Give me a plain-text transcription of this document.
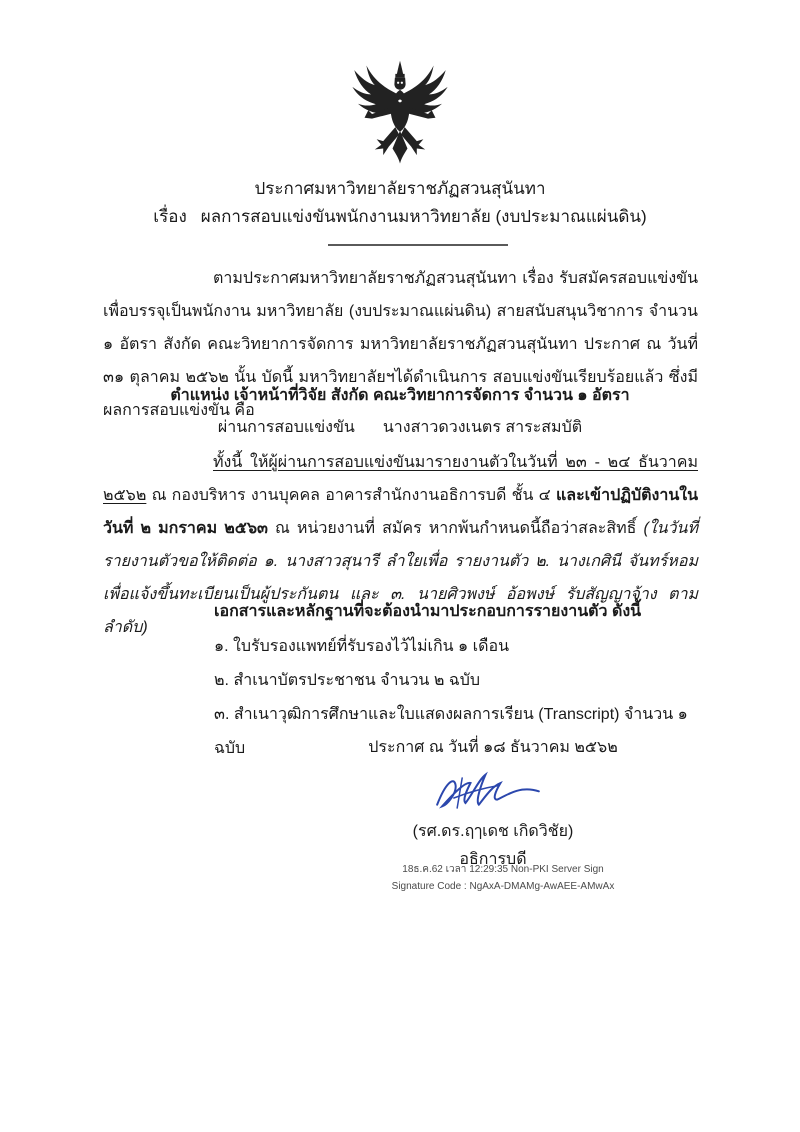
ประกาศมหาวิทยาลัยราชภัฏสวนสุนันทา
เรื่อง ผลการสอบแข่งขันพนักงานมหาวิทยาลัย (งบประมาณแผ่นดิน)
ตามประกาศมหาวิทยาลัยราชภัฏสวนสุนันทา เรื่อง รับสมัครสอบแข่งขันเพื่อบรรจุเป็นพนักงาน มหาวิทยาลัย (งบประมาณแผ่นดิน) สายสนับสนุนวิชาการ จำนวน ๑ อัตรา สังกัด คณะวิทยาการจัดการ มหาวิทยาลัยราชภัฏสวนสุนันทา ประกาศ ณ วันที่ ๓๑ ตุลาคม ๒๕๖๒ นั้น บัดนี้ มหาวิทยาลัยฯได้ดำเนินการ สอบแข่งขันเรียบร้อยแล้ว ซึ่งมีผลการสอบแข่งขัน คือ
ตำแหน่ง เจ้าหน้าที่วิจัย สังกัด คณะวิทยาการจัดการ จำนวน ๑ อัตรา
ผ่านการสอบแข่งขัน นางสาวดวงเนตร สาระสมบัติ
ทั้งนี้ ให้ผู้ผ่านการสอบแข่งขันมารายงานตัวในวันที่ ๒๓ - ๒๔ ธันวาคม ๒๕๖๒ ณ กองบริหาร งานบุคคล อาคารสำนักงานอธิการบดี ชั้น ๔ และเข้าปฏิบัติงานในวันที่ ๒ มกราคม ๒๕๖๓ ณ หน่วยงานที่ สมัคร หากพ้นกำหนดนี้ถือว่าสละสิทธิ์ (ในวันที่รายงานตัวขอให้ติดต่อ ๑. นางสาวสุนารี ลำใยเพื่อ รายงานตัว ๒. นางเกศินี จันทร์หอม เพื่อแจ้งขึ้นทะเบียนเป็นผู้ประกันตน และ ๓. นายศิวพงษ์ อ้อพงษ์ รับสัญญาจ้าง ตามลำดับ)
เอกสารและหลักฐานที่จะต้องนำมาประกอบการรายงานตัว ดังนี้
๑. ใบรับรองแพทย์ที่รับรองไว้ไม่เกิน ๑ เดือน
๒. สำเนาบัตรประชาชน จำนวน ๒ ฉบับ
๓. สำเนาวุฒิการศึกษาและใบแสดงผลการเรียน (Transcript) จำนวน ๑ ฉบับ	ประกาศ ณ วันที่ ๑๘ ธันวาคม ๒๕๖๒
(รศ.ดร.ฤๅเดช เกิดวิชัย)
อธิการบดี
18ธ.ค.62 เวลา 12:29:35 Non-PKI Server Sign
Signature Code : NgAxA-DMAMg-AwAEE-AMwAx
